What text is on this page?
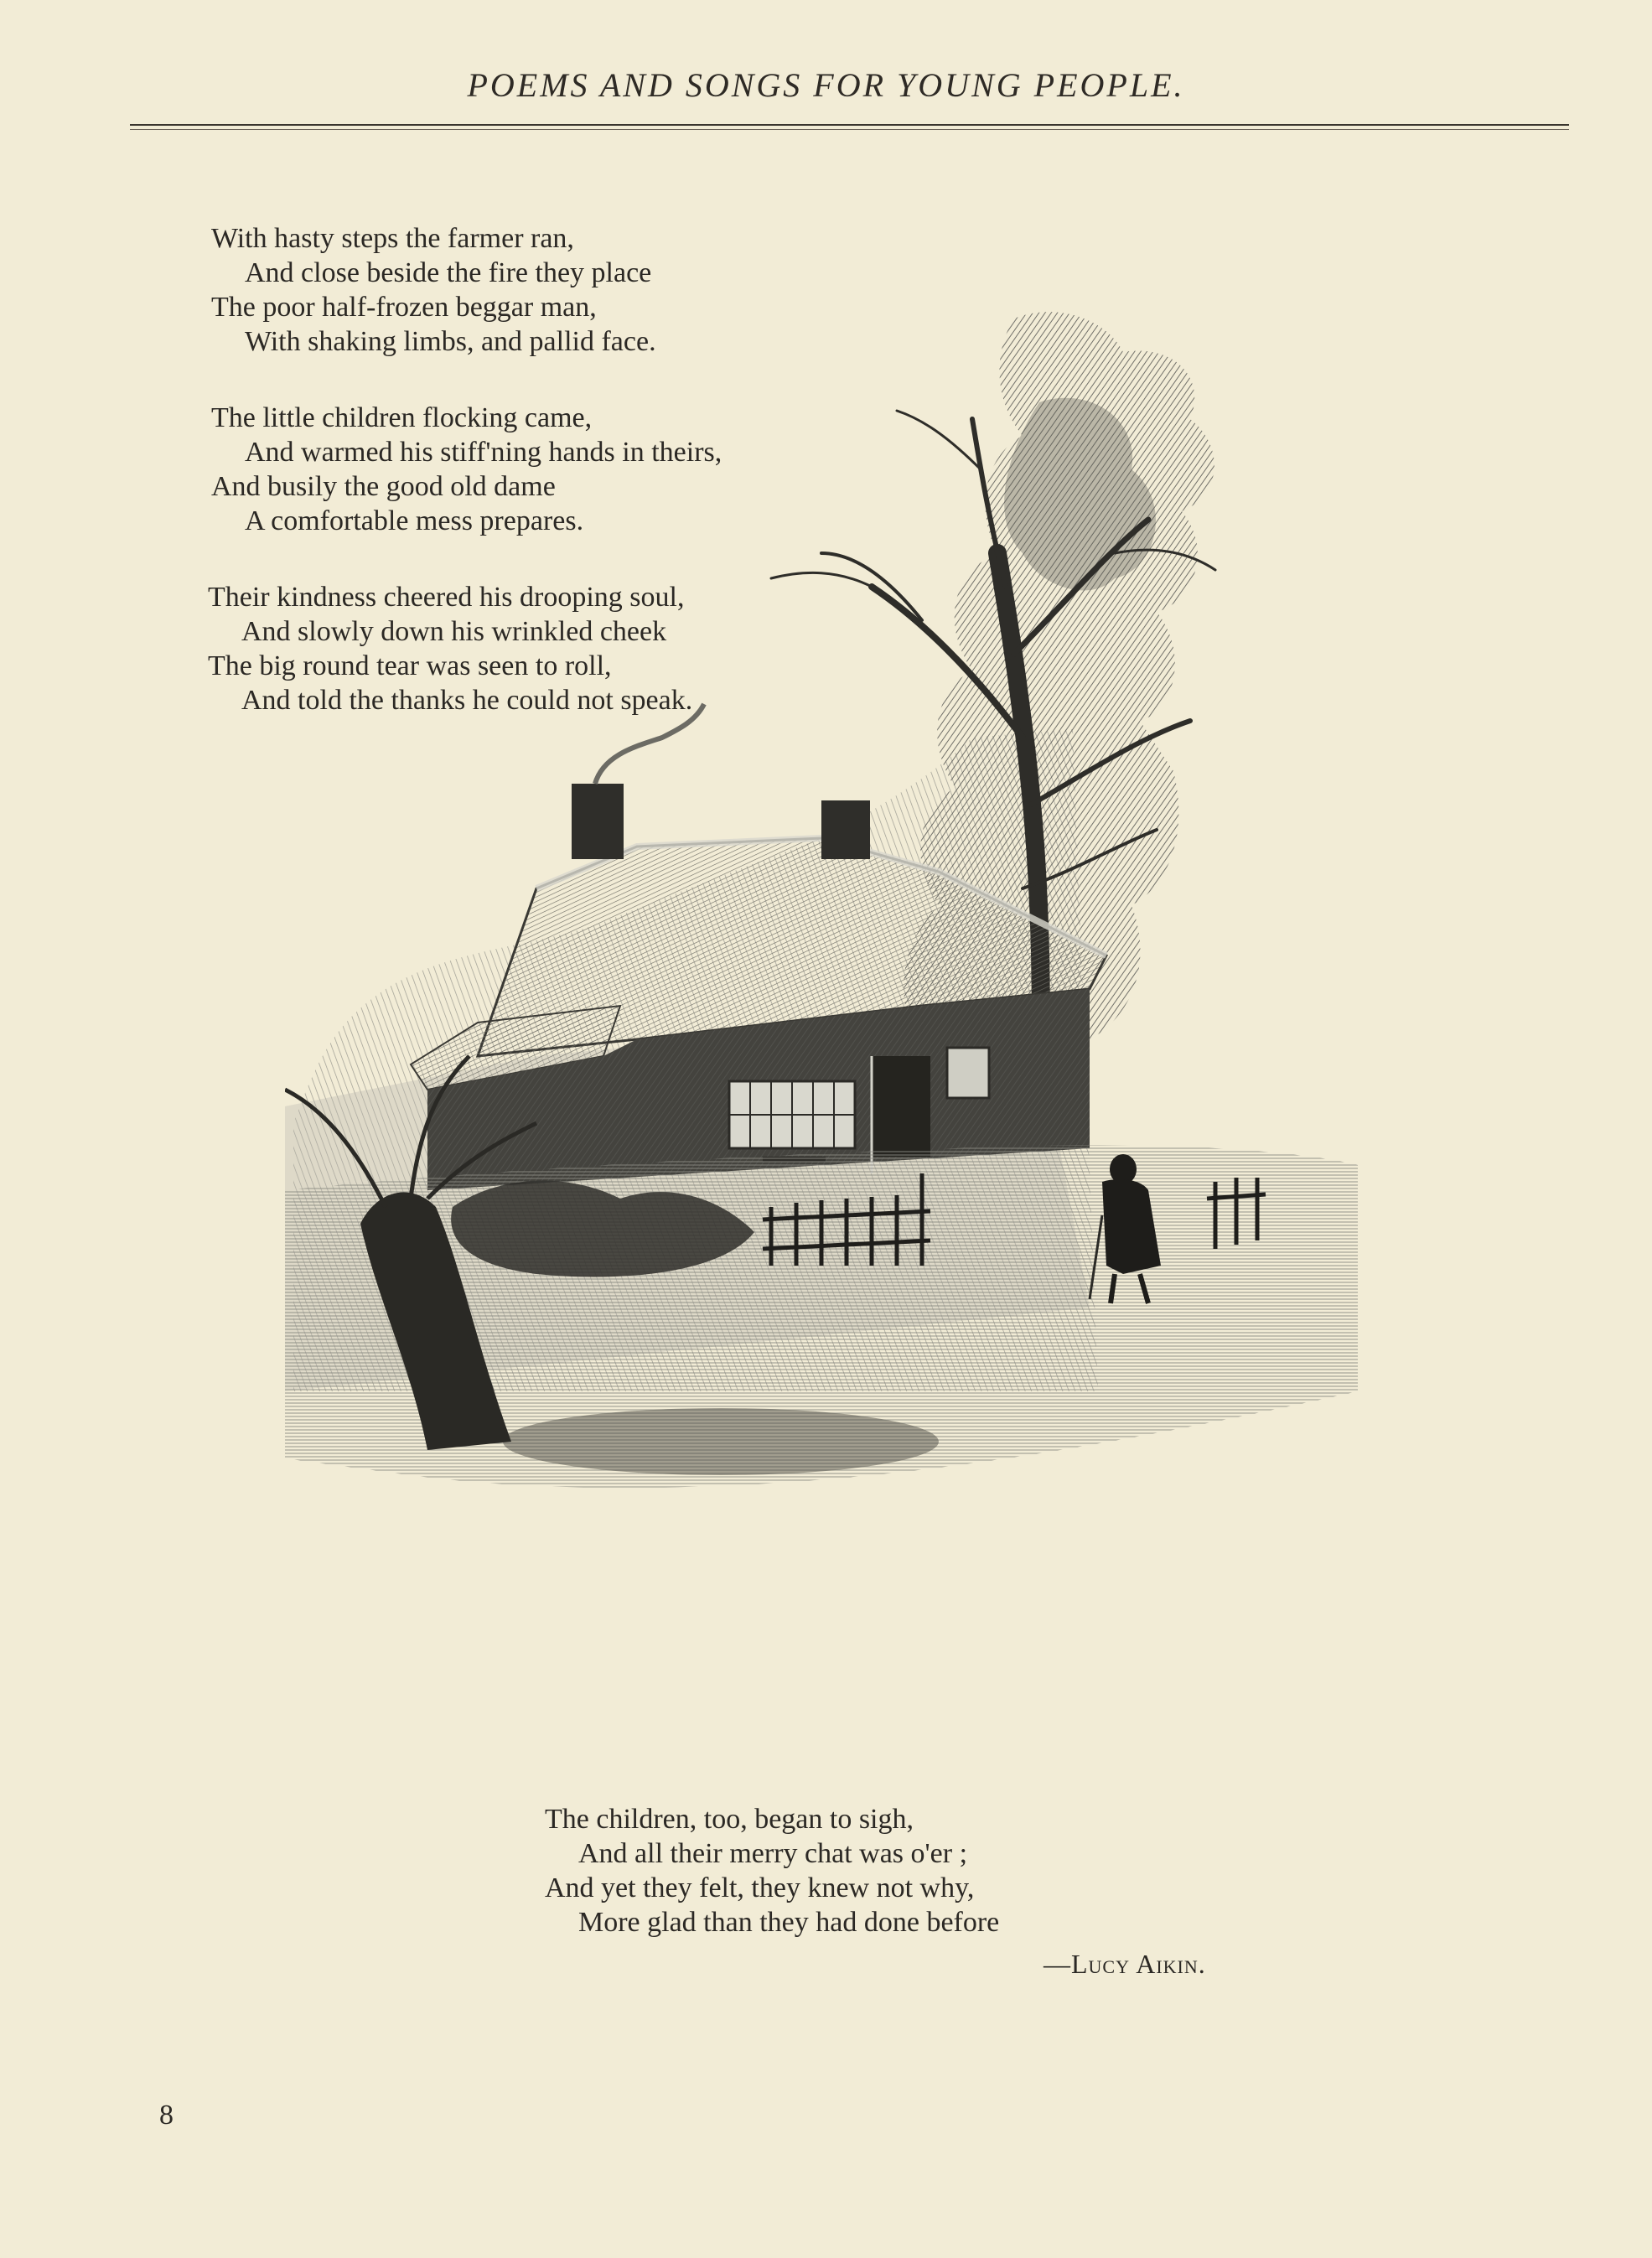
POEMS AND SONGS FOR YOUNG PEOPLE.
With hasty steps the farmer ran,
And close beside the fire they place
The poor half-frozen beggar man,
With shaking limbs, and pallid face.
The little children flocking came,
And warmed his stiff'ning hands in theirs,
And busily the good old dame
A comfortable mess prepares.
Their kindness cheered his drooping soul,
And slowly down his wrinkled cheek
The big round tear was seen to roll,
And told the thanks he could not speak.

The children, too, began to sigh,
And all their merry chat was o'er ;
And yet they felt, they knew not why,
More glad than they had done before
—Lucy Aikin.
8
